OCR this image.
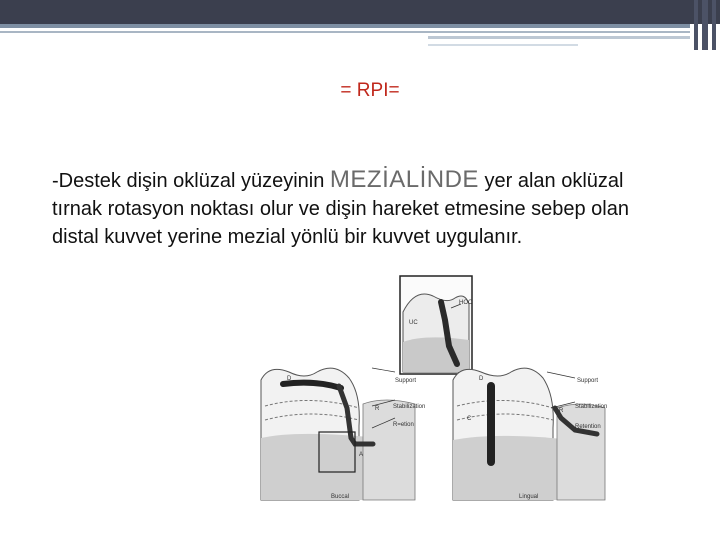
= RPI=

-Destek dişin oklüzal yüzeyinin MEZİALİNDE yer alan oklüzal tırnak rotasyon noktası olur ve dişin hareket etmesine sebep olan distal kuvvet yerine mezial yönlü bir kuvvet uygulanır.

HOC
UC
D
R
A
Support
Stabilization
R=etion
Buccal
D
R
C
Support
Stabilization
Retention
Lingual
